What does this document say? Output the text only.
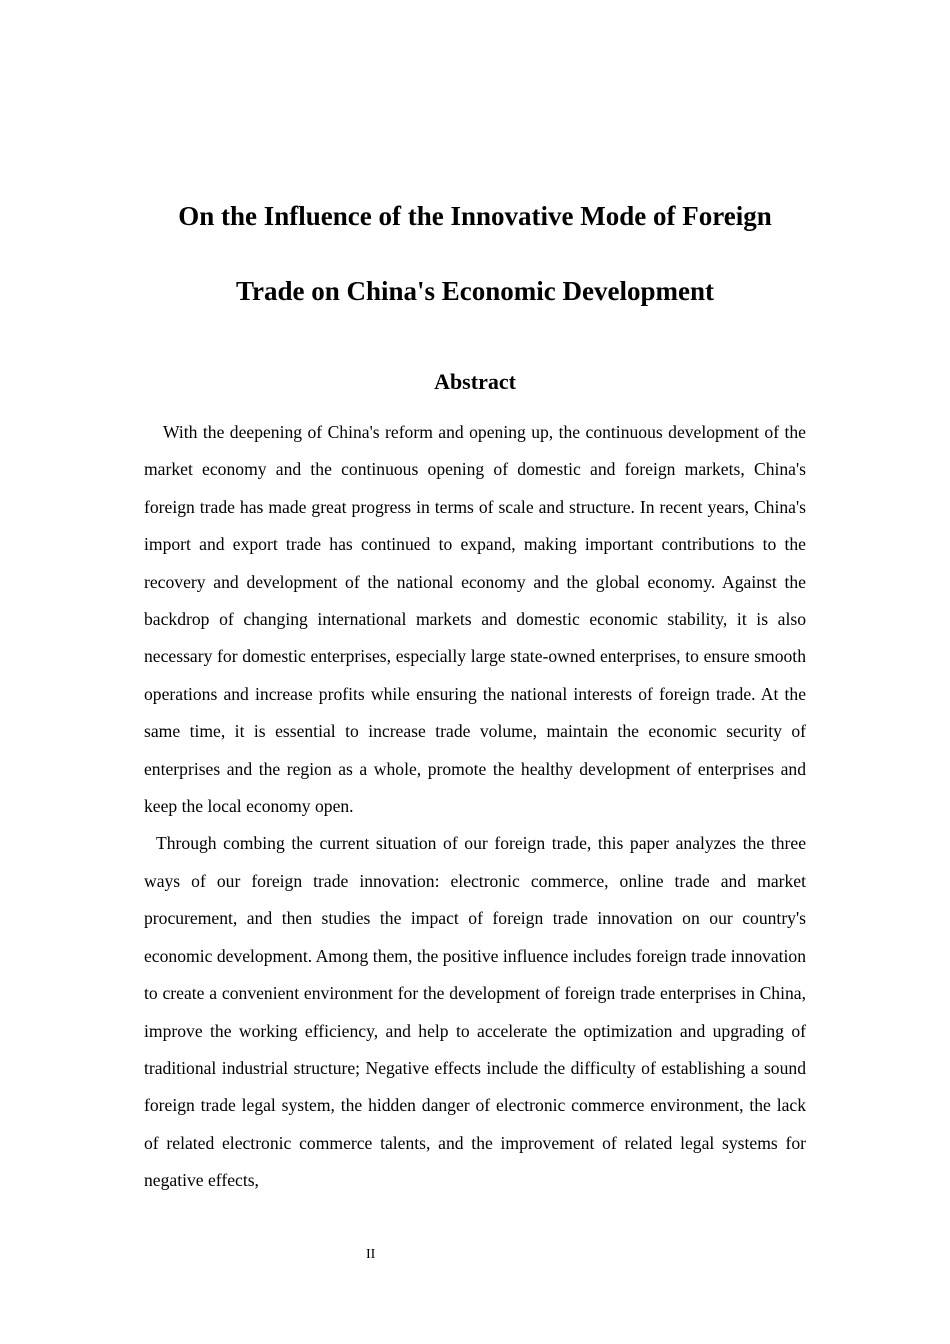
On the Influence of the Innovative Mode of Foreign
Trade on China's Economic Development
Abstract

With the deepening of China's reform and opening up, the continuous development of the market economy and the continuous opening of domestic and foreign markets, China's foreign trade has made great progress in terms of scale and structure. In recent years, China's import and export trade has continued to expand, making important contributions to the recovery and development of the national economy and the global economy. Against the backdrop of changing international markets and domestic economic stability, it is also necessary for domestic enterprises, especially large state-owned enterprises, to ensure smooth operations and increase profits while ensuring the national interests of foreign trade. At the same time, it is essential to increase trade volume, maintain the economic security of enterprises and the region as a whole, promote the healthy development of enterprises and keep the local economy open.

Through combing the current situation of our foreign trade, this paper analyzes the three ways of our foreign trade innovation: electronic commerce, online trade and market procurement, and then studies the impact of foreign trade innovation on our country's economic development. Among them, the positive influence includes foreign trade innovation to create a convenient environment for the development of foreign trade enterprises in China, improve the working efficiency, and help to accelerate the optimization and upgrading of traditional industrial structure; Negative effects include the difficulty of establishing a sound foreign trade legal system, the hidden danger of electronic commerce environment, the lack of related electronic commerce talents, and the improvement of related legal systems for negative effects,

II
